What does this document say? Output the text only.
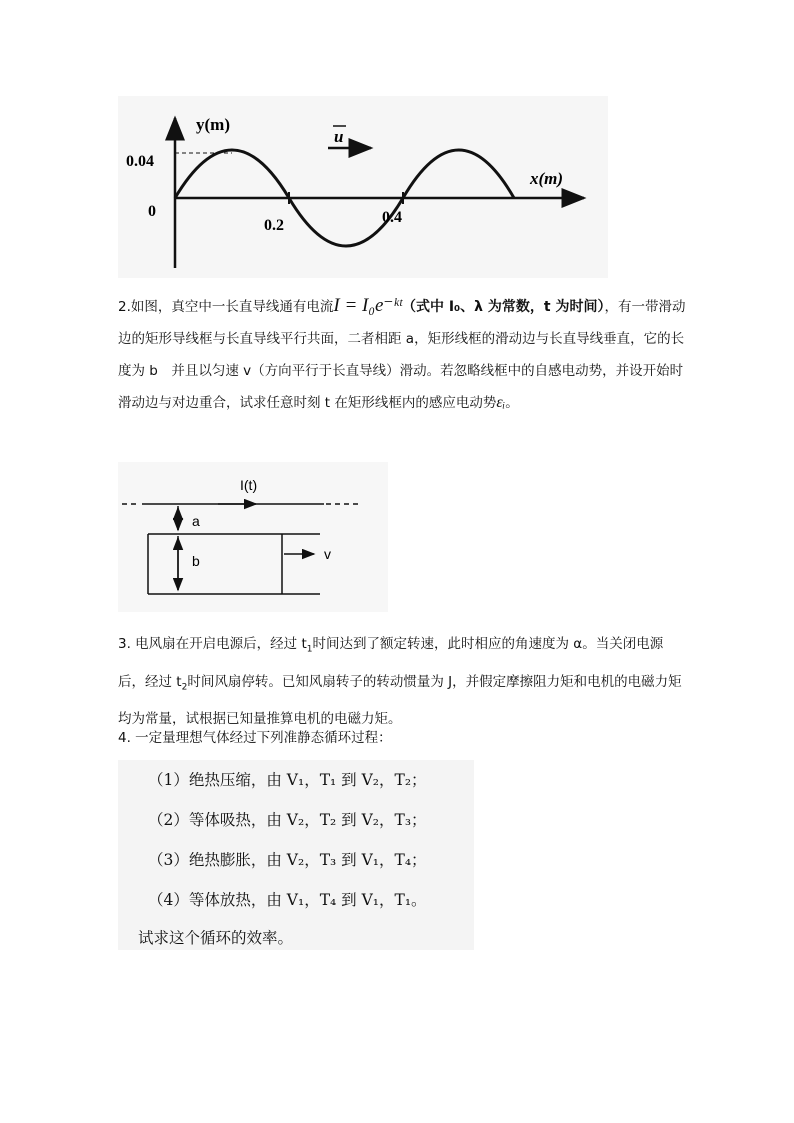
u
y(m)
x(m)
0.04
0
0.2	0.4

2.如图，真空中一长直导线通有电流I = I₀e⁻ᵏᵗ（式中 I₀、λ 为常数，t 为时间），有一带滑动边的矩形导线框与长直导线平行共面，二者相距 a，矩形线框的滑动边与长直导线垂直，它的长度为 b　并且以匀速 v（方向平行于长直导线）滑动。若忽略线框中的自感电动势，并设开始时滑动边与对边重合，试求任意时刻 t 在矩形线框内的感应电动势εᵢ。

I(t)
v
a
b

3. 电风扇在开启电源后，经过 $t_1$时间达到了额定转速，此时相应的角速度为 α。当关闭电源后，经过 $t_2$时间风扇停转。已知风扇转子的转动惯量为 J，并假定摩擦阻力矩和电机的电磁力矩均为常量，试根据已知量推算电机的电磁力矩。

4. 一定量理想气体经过下列准静态循环过程：

（1）绝热压缩，由 V₁，T₁ 到 V₂，T₂；
（2）等体吸热，由 V₂，T₂ 到 V₂，T₃；
（3）绝热膨胀，由 V₂，T₃ 到 V₁，T₄；
（4）等体放热，由 V₁，T₄ 到 V₁，T₁。
试求这个循环的效率。
